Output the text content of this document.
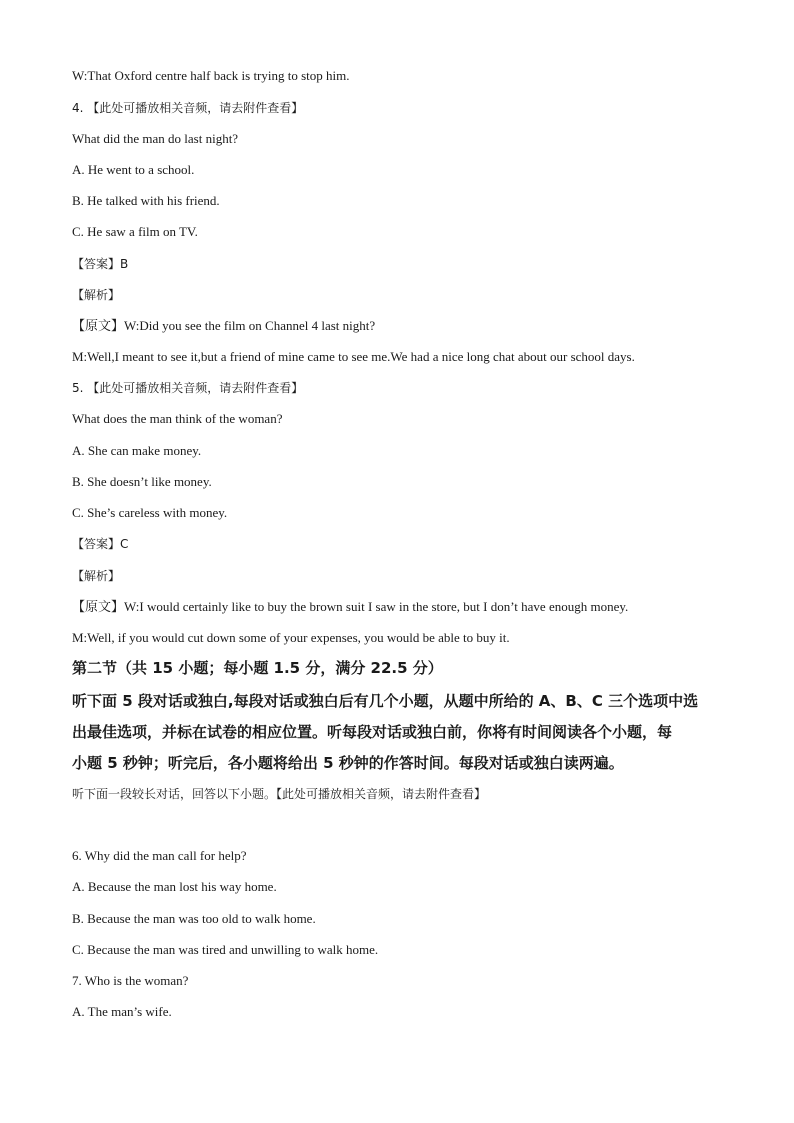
W:That Oxford centre half back is trying to stop him.
4. 【此处可播放相关音频，请去附件查看】
What did the man do last night?
A. He went to a school.
B. He talked with his friend.
C. He saw a film on TV.
【答案】B
【解析】
【原文】W:Did you see the film on Channel 4 last night?
M:Well,I meant to see it,but a friend of mine came to see me.We had a nice long chat about our school days.
5. 【此处可播放相关音频，请去附件查看】
What does the man think of the woman?
A. She can make money.
B. She doesn’t like money.
C. She’s careless with money.
【答案】C
【解析】
【原文】W:I would certainly like to buy the brown suit I saw in the store, but I don’t have enough money.
M:Well, if you would cut down some of your expenses, you would be able to buy it.
第二节（共 15 小题；每小题 1.5 分，满分 22.5 分）
听下面 5 段对话或独白,每段对话或独白后有几个小题，从题中所给的 A、B、C 三个选项中选
出最佳选项，并标在试卷的相应位置。听每段对话或独白前，你将有时间阅读各个小题，每
小题 5 秒钟；听完后，各小题将给出 5 秒钟的作答时间。每段对话或独白读两遍。
听下面一段较长对话，回答以下小题。【此处可播放相关音频，请去附件查看】
6. Why did the man call for help?
A. Because the man lost his way home.
B. Because the man was too old to walk home.
C. Because the man was tired and unwilling to walk home.
7. Who is the woman?
A. The man’s wife.
